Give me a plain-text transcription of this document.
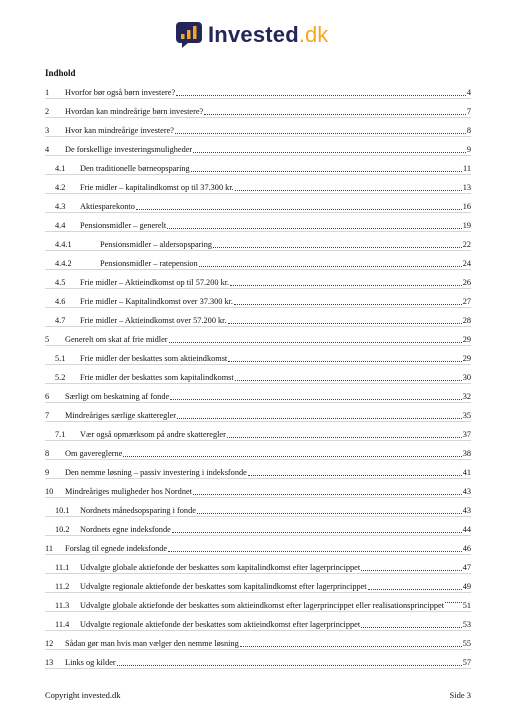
Invested .dk
Indhold
1	Hvorfor bør også børn investere?	4
2	Hvordan kan mindreårige børn investere?	7
3	Hvor kan mindreårige investere?	8
4	De forskellige investeringsmuligheder	9
4.1	Den traditionelle børneopsparing	11
4.2	Frie midler – kapitalindkomst op til 37.300 kr.	13
4.3	Aktiesparekonto	16
4.4	Pensionsmidler – generelt	19
4.4.1	Pensionsmidler – aldersopsparing	22
4.4.2	Pensionsmidler – ratepension	24
4.5	Frie midler – Aktieindkomst op til 57.200 kr.	26
4.6	Frie midler – Kapitalindkomst over 37.300 kr.	27
4.7	Frie midler – Aktieindkomst over 57.200 kr.	28
5	Generelt om skat af frie midler	29
5.1	Frie midler der beskattes som aktieindkomst	29
5.2	Frie midler der beskattes som kapitalindkomst	30
6	Særligt om beskatning af fonde	32
7	Mindreåriges særlige skatteregler	35
7.1	Vær også opmærksom på andre skatteregler	37
8	Om gavereglerne	38
9	Den nemme løsning – passiv investering i indeksfonde	41
10	Mindreåriges muligheder hos Nordnet	43
10.1	Nordnets månedsopsparing i fonde	43
10.2	Nordnets egne indeksfonde	44
11	Forslag til egnede indeksfonde	46
11.1	Udvalgte globale aktiefonde der beskattes som kapitalindkomst efter lagerprincippet	47
11.2	Udvalgte regionale aktiefonde der beskattes som kapitalindkomst efter lagerprincippet	49
11.3	Udvalgte globale aktiefonde der beskattes som aktieindkomst efter lagerprincippet eller realisationsprincippet 51
11.4	Udvalgte regionale aktiefonde der beskattes som aktieindkomst efter lagerprincippet	53
12	Sådan gør man hvis man vælger den nemme løsning	55
13	Links og kilder	57
Copyright invested.dk	Side 3
